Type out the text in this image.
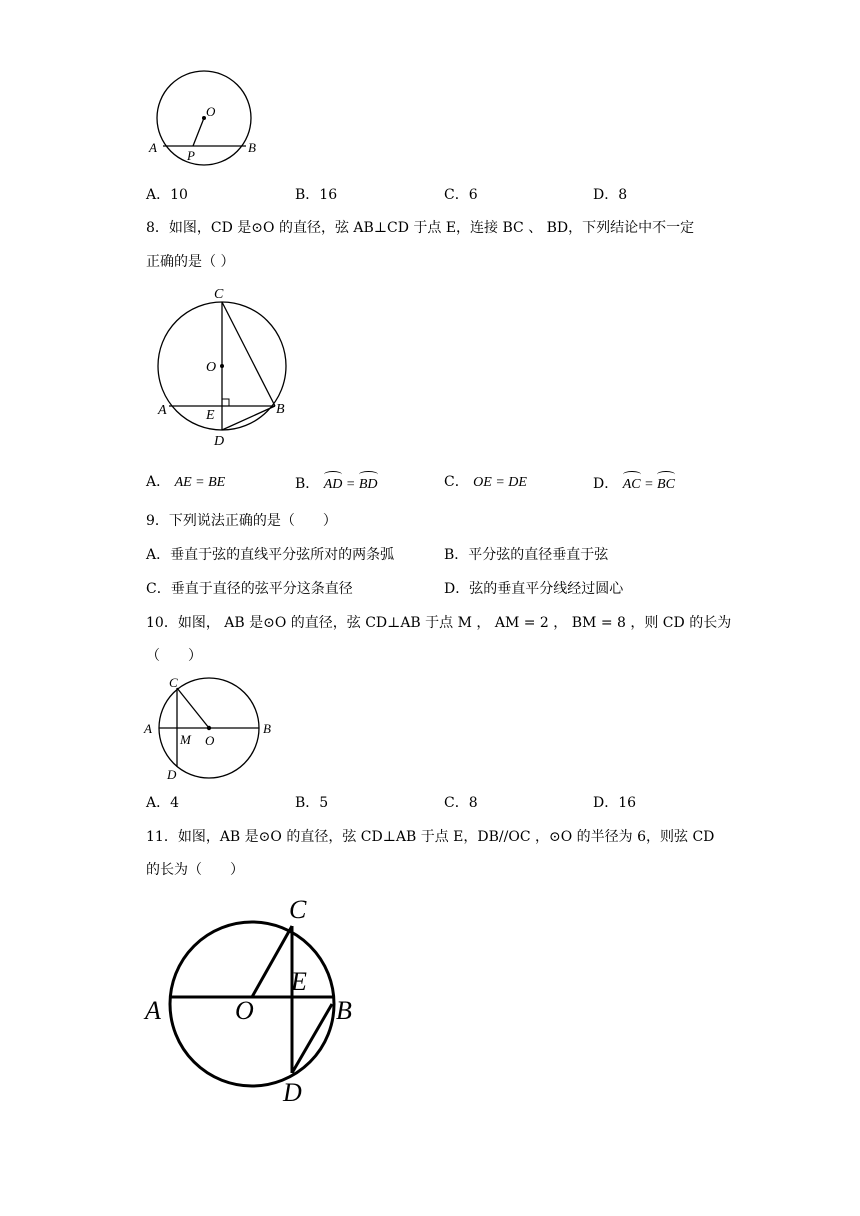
O
A
P
B
A．10	B．16	C．6	D．8
8．如图，CD 是⊙O 的直径，弦 AB⊥CD 于点 E，连接 BC 、 BD，下列结论中不一定
正确的是（ ）
C
O
A	E	B
D
A． AE = BE	B． AD = BD	C． OE = DE	D． AC = BC
9．下列说法正确的是（　　）
A．垂直于弦的直线平分弦所对的两条弧	B．平分弦的直径垂直于弦
C．垂直于直径的弦平分这条直径	D．弦的垂直平分线经过圆心
10．如图， AB 是⊙O 的直径，弦 CD⊥AB 于点 M ， AM = 2 ， BM = 8 ，则 CD 的长为
（　　）
C
A
M O
B
D
A．4	B．5	C．8	D．16
11．如图，AB 是⊙O 的直径，弦 CD⊥AB 于点 E，DB//OC ，⊙O 的半径为 6，则弦 CD
的长为（　　）
C
A	O
E
B
D
